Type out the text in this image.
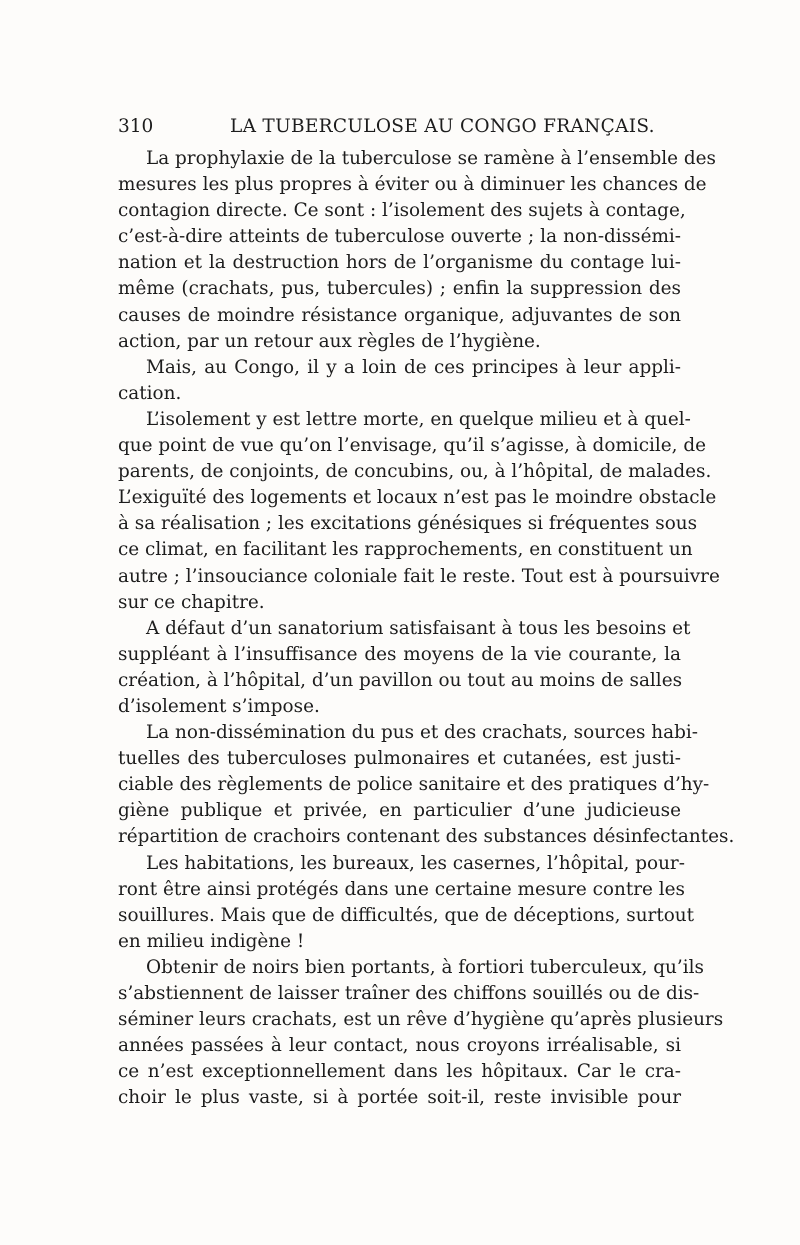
310	LA TUBERCULOSE AU CONGO FRANÇAIS.
La prophylaxie de la tuberculose se ramène à l’ensemble des
mesures les plus propres à éviter ou à diminuer les chances de
contagion directe. Ce sont : l’isolement des sujets à contage,
c’est-à-dire atteints de tuberculose ouverte ; la non-dissémi-
nation et la destruction hors de l’organisme du contage lui-
même (crachats, pus, tubercules) ; enfin la suppression des
causes de moindre résistance organique, adjuvantes de son
action, par un retour aux règles de l’hygiène.
Mais, au Congo, il y a loin de ces principes à leur appli-
cation.
L’isolement y est lettre morte, en quelque milieu et à quel-
que point de vue qu’on l’envisage, qu’il s’agisse, à domicile, de
parents, de conjoints, de concubins, ou, à l’hôpital, de malades.
L’exiguïté des logements et locaux n’est pas le moindre obstacle
à sa réalisation ; les excitations génésiques si fréquentes sous
ce climat, en facilitant les rapprochements, en constituent un
autre ; l’insouciance coloniale fait le reste. Tout est à poursuivre
sur ce chapitre.
A défaut d’un sanatorium satisfaisant à tous les besoins et
suppléant à l’insuffisance des moyens de la vie courante, la
création, à l’hôpital, d’un pavillon ou tout au moins de salles
d’isolement s’impose.
La non-dissémination du pus et des crachats, sources habi-
tuelles des tuberculoses pulmonaires et cutanées, est justi-
ciable des règlements de police sanitaire et des pratiques d’hy-
giène publique et privée, en particulier d’une judicieuse
répartition de crachoirs contenant des substances désinfectantes.
Les habitations, les bureaux, les casernes, l’hôpital, pour-
ront être ainsi protégés dans une certaine mesure contre les
souillures. Mais que de difficultés, que de déceptions, surtout
en milieu indigène !
Obtenir de noirs bien portants, à fortiori tuberculeux, qu’ils
s’abstiennent de laisser traîner des chiffons souillés ou de dis-
séminer leurs crachats, est un rêve d’hygiène qu’après plusieurs
années passées à leur contact, nous croyons irréalisable, si
ce n’est exceptionnellement dans les hôpitaux. Car le cra-
choir le plus vaste, si à portée soit-il, reste invisible pour
